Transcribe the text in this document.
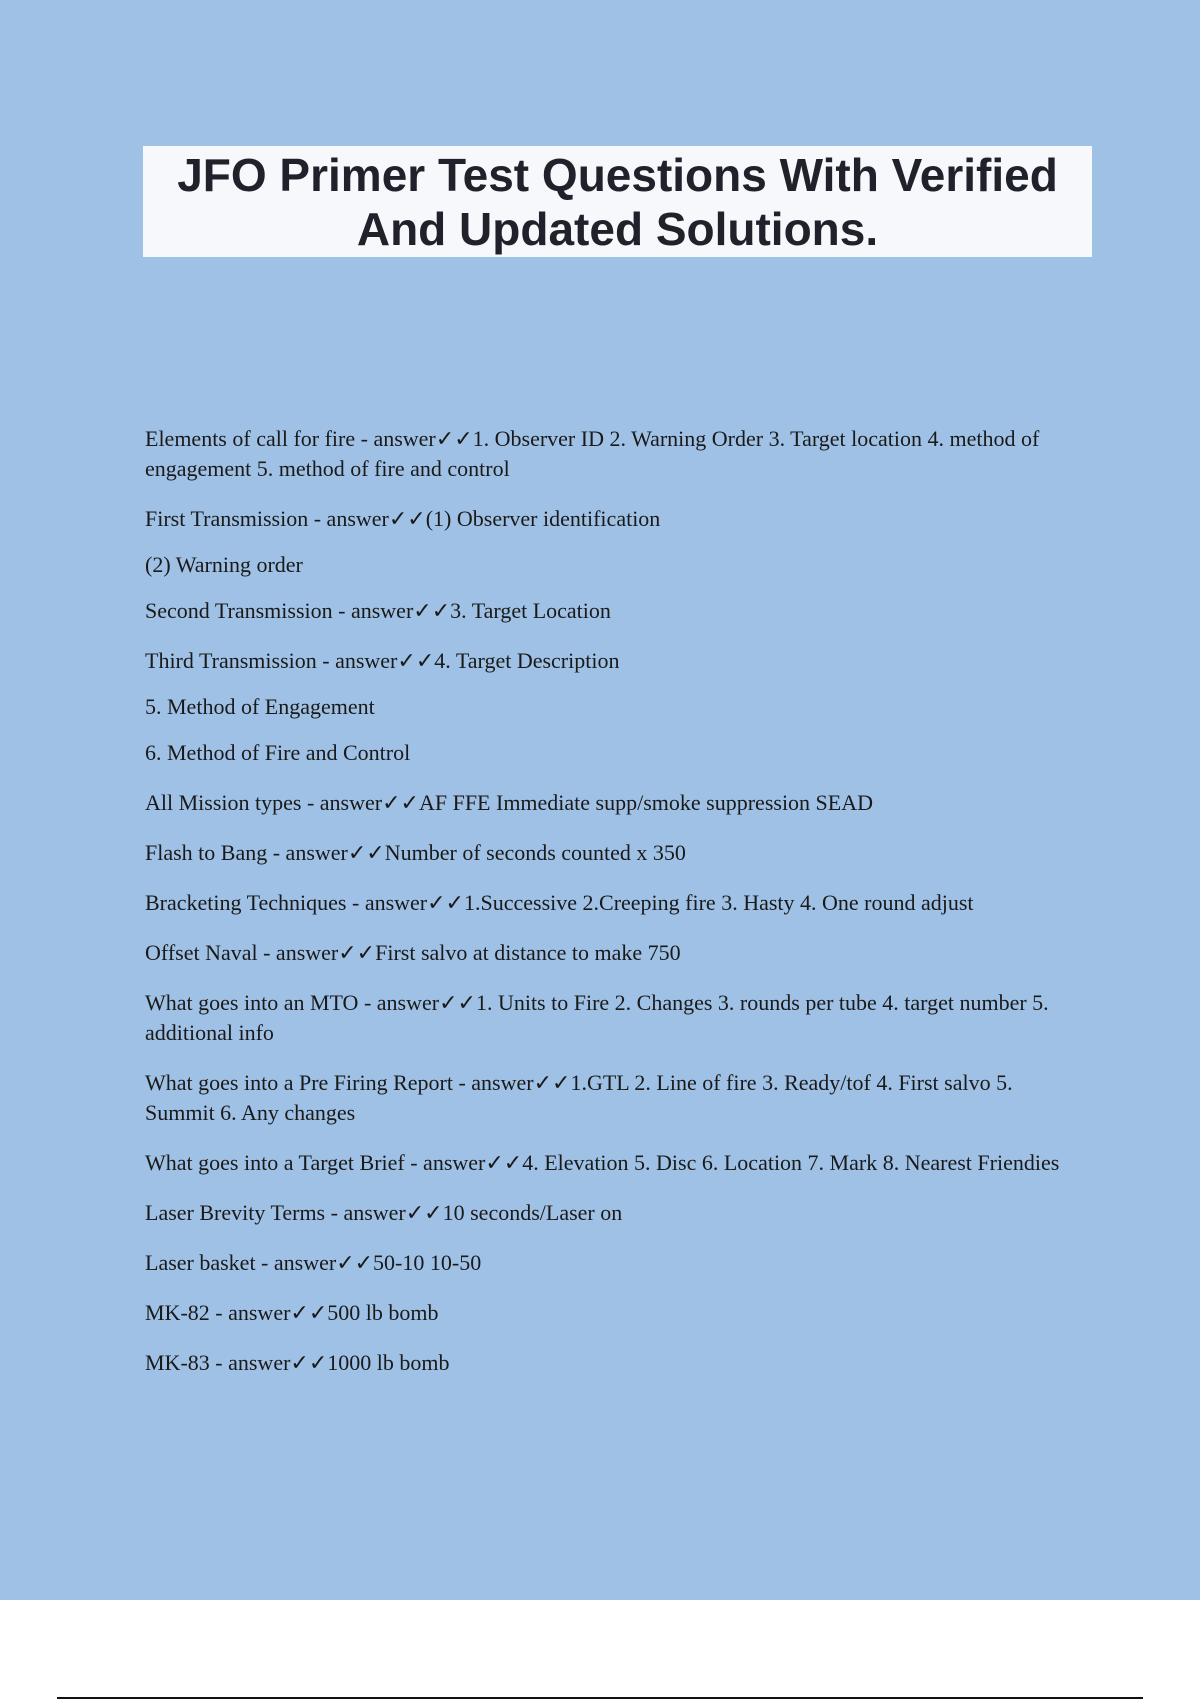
JFO Primer Test Questions With Verified And Updated Solutions.
Elements of call for fire - answer✓✓1. Observer ID 2. Warning Order 3. Target location 4. method of engagement 5. method of fire and control
First Transmission - answer✓✓(1) Observer identification
(2) Warning order
Second Transmission - answer✓✓3. Target Location
Third Transmission - answer✓✓4. Target Description
5. Method of Engagement
6. Method of Fire and Control
All Mission types - answer✓✓AF FFE Immediate supp/smoke suppression SEAD
Flash to Bang - answer✓✓Number of seconds counted x 350
Bracketing Techniques - answer✓✓1.Successive 2.Creeping fire 3. Hasty 4. One round adjust
Offset Naval - answer✓✓First salvo at distance to make 750
What goes into an MTO - answer✓✓1. Units to Fire 2. Changes 3. rounds per tube 4. target number 5. additional info
What goes into a Pre Firing Report - answer✓✓1.GTL 2. Line of fire 3. Ready/tof 4. First salvo 5. Summit 6. Any changes
What goes into a Target Brief - answer✓✓4. Elevation 5. Disc 6. Location 7. Mark 8. Nearest Friendies
Laser Brevity Terms - answer✓✓10 seconds/Laser on
Laser basket - answer✓✓50-10 10-50
MK-82 - answer✓✓500 lb bomb
MK-83 - answer✓✓1000 lb bomb
